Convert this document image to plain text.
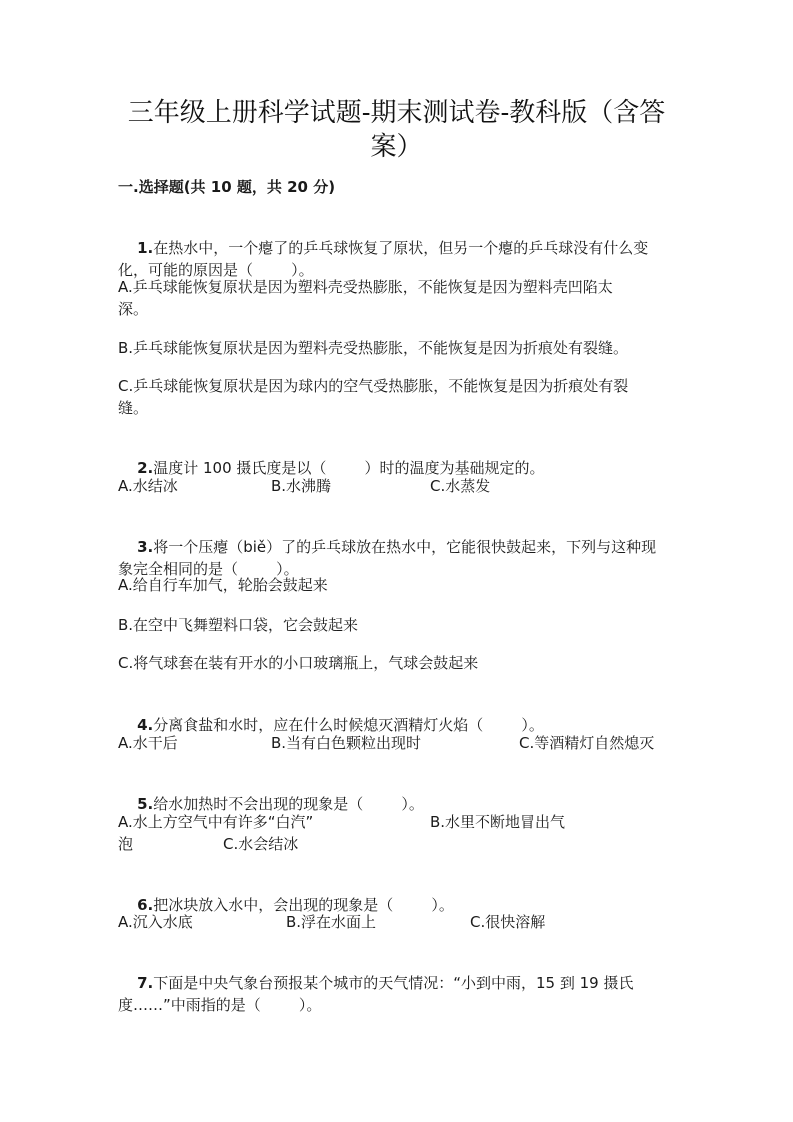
三年级上册科学试题-期末测试卷-教科版（含答
案）
一.选择题(共 10 题，共 20 分)

1.在热水中，一个瘪了的乒乓球恢复了原状，但另一个瘪的乒乓球没有什么变
化，可能的原因是（        ）。

A.乒乓球能恢复原状是因为塑料壳受热膨胀，不能恢复是因为塑料壳凹陷太
深。
B.乒乓球能恢复原状是因为塑料壳受热膨胀，不能恢复是因为折痕处有裂缝。
C.乒乓球能恢复原状是因为球内的空气受热膨胀，不能恢复是因为折痕处有裂
缝。

2.温度计 100 摄氏度是以（        ）时的温度为基础规定的。

A.水结冰	B.水沸腾	C.水蒸发

3.将一个压瘪（biě）了的乒乓球放在热水中，它能很快鼓起来，下列与这种现
象完全相同的是（        ）。

A.给自行车加气，轮胎会鼓起来
B.在空中飞舞塑料口袋，它会鼓起来
C.将气球套在装有开水的小口玻璃瓶上，气球会鼓起来

4.分离食盐和水时，应在什么时候熄灭酒精灯火焰（        ）。

A.水干后	B.当有白色颗粒出现时	C.等酒精灯自然熄灭

5.给水加热时不会出现的现象是（        ）。

A.水上方空气中有许多“白汽”	B.水里不断地冒出气
泡	C.水会结冰

6.把冰块放入水中，会出现的现象是（        ）。

A.沉入水底	B.浮在水面上	C.很快溶解

7.下面是中央气象台预报某个城市的天气情况：“小到中雨，15 到 19 摄氏
度……”中雨指的是（        ）。
